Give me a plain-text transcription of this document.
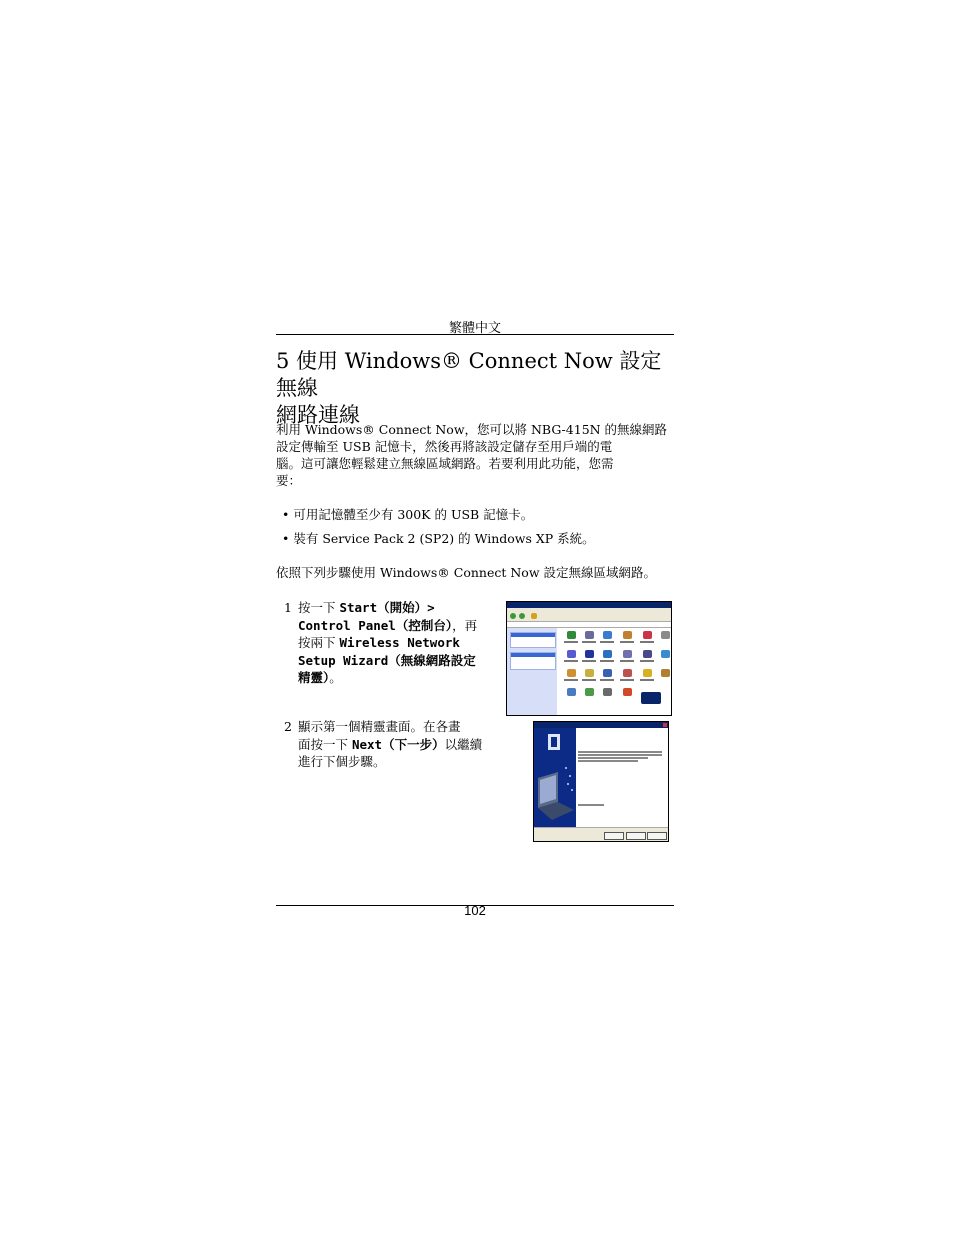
繁體中文
5 使用 Windows® Connect Now 設定無線
網路連線
利用 Windows® Connect Now，您可以將 NBG-415N 的無線網路
設定傳輸至 USB 記憶卡，然後再將該設定儲存至用戶端的電
腦。這可讓您輕鬆建立無線區域網路。若要利用此功能，您需
要：
• 可用記憶體至少有 300K 的 USB 記憶卡。
• 裝有 Service Pack 2 (SP2) 的 Windows XP 系統。
依照下列步驟使用 Windows® Connect Now 設定無線區域網路。
1 按一下 Start（開始）>
Control Panel（控制台），再
按兩下 Wireless Network
Setup Wizard（無線網路設定
精靈）。
2 顯示第一個精靈畫面。在各畫
面按一下 Next（下一步）以繼續
進行下個步驟。
102
